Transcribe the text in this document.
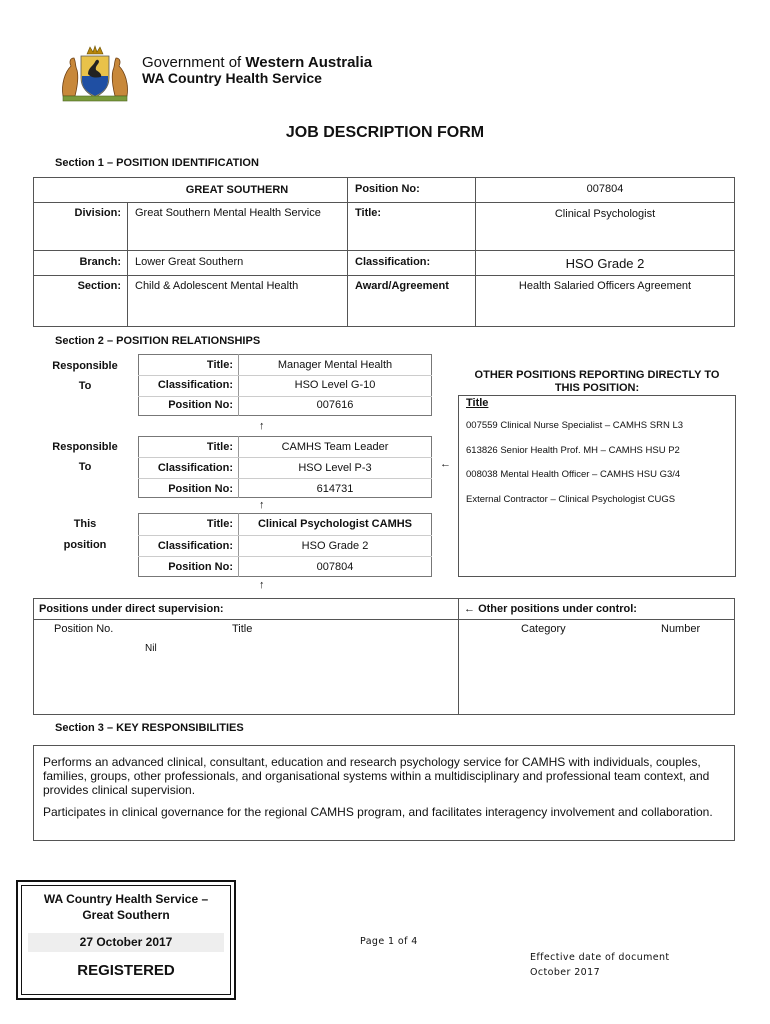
Government of Western Australia
WA Country Health Service
JOB DESCRIPTION FORM
Section 1 – POSITION IDENTIFICATION
GREAT SOUTHERN	Position No:	007804
Division: Great Southern Mental Health Service	Title:	Clinical Psychologist
Branch: Lower Great Southern	Classification:	HSO Grade 2
Section: Child & Adolescent Mental Health	Award/Agreement	Health Salaried Officers Agreement
Section 2 – POSITION RELATIONSHIPS
Responsible
To
Responsible
To
This
position
Title:	Manager Mental Health
Classification:	HSO Level G-10
Position No:	007616
↑
Title:	CAMHS Team Leader
Classification:	HSO Level P-3
Position No:	614731
←
↑
Title:	Clinical Psychologist CAMHS
Classification:	HSO Grade 2
Position No:	007804
↑
OTHER POSITIONS REPORTING DIRECTLY TO
THIS POSITION:
Title
007559 Clinical Nurse Specialist – CAMHS SRN L3
613826 Senior Health Prof. MH – CAMHS HSU P2
008038 Mental Health Officer – CAMHS HSU G3/4
External Contractor – Clinical Psychologist CUGS
Positions under direct supervision:
Position No.	Title
Nil
← Other positions under control:
Category	Number
Section 3 – KEY RESPONSIBILITIES
Performs an advanced clinical, consultant, education and research psychology service for CAMHS with individuals, couples, families, groups, other professionals, and organisational systems within a multidisciplinary and professional team context, and provides clinical supervision.
Participates in clinical governance for the regional CAMHS program, and facilitates interagency involvement and collaboration.
WA Country Health Service –
Great Southern
27 October 2017
REGISTERED
Page 1 of 4
Effective date of document
October 2017
